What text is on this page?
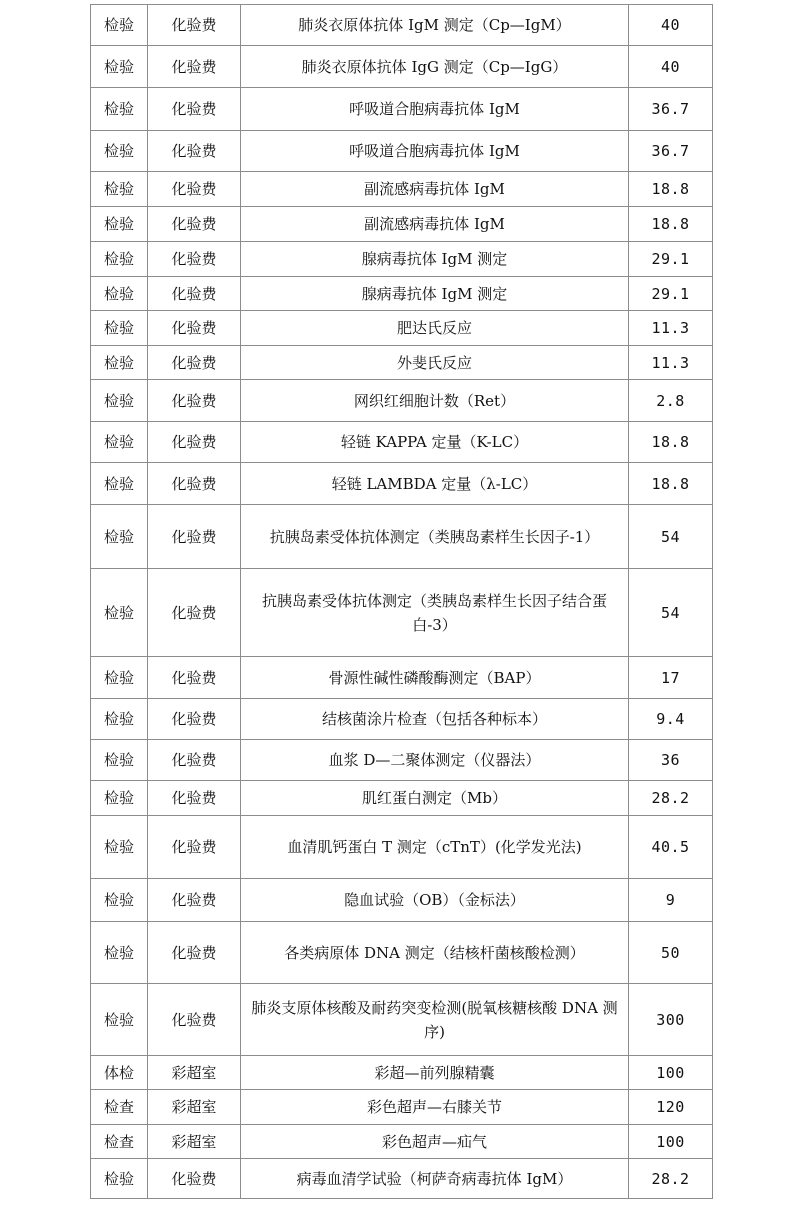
检验	化验费	肺炎衣原体抗体 IgM 测定（Cp—IgM）	40
检验	化验费	肺炎衣原体抗体 IgG 测定（Cp—IgG）	40
检验	化验费	呼吸道合胞病毒抗体 IgM	36.7
检验	化验费	呼吸道合胞病毒抗体 IgM	36.7
检验	化验费	副流感病毒抗体 IgM	18.8
检验	化验费	副流感病毒抗体 IgM	18.8
检验	化验费	腺病毒抗体 IgM 测定	29.1
检验	化验费	腺病毒抗体 IgM 测定	29.1
检验	化验费	肥达氏反应	11.3
检验	化验费	外斐氏反应	11.3
检验	化验费	网织红细胞计数（Ret）	2.8
检验	化验费	轻链 KAPPA 定量（K-LC）	18.8
检验	化验费	轻链 LAMBDA 定量（λ-LC）	18.8
检验	化验费	抗胰岛素受体抗体测定（类胰岛素样生长因子-1）	54
检验	化验费	抗胰岛素受体抗体测定（类胰岛素样生长因子结合蛋白-3）	54
检验	化验费	骨源性碱性磷酸酶测定（BAP）	17
检验	化验费	结核菌涂片检查（包括各种标本）	9.4
检验	化验费	血浆 D—二聚体测定（仪器法）	36
检验	化验费	肌红蛋白测定（Mb）	28.2
检验	化验费	血清肌钙蛋白 T 测定（cTnT）(化学发光法)	40.5
检验	化验费	隐血试验（OB）（金标法）	9
检验	化验费	各类病原体 DNA 测定（结核杆菌核酸检测）	50
检验	化验费	肺炎支原体核酸及耐药突变检测(脱氧核糖核酸 DNA 测序)	300
体检	彩超室	彩超—前列腺精囊	100
检查	彩超室	彩色超声—右膝关节	120
检查	彩超室	彩色超声—疝气	100
检验	化验费	病毒血清学试验（柯萨奇病毒抗体 IgM）	28.2
